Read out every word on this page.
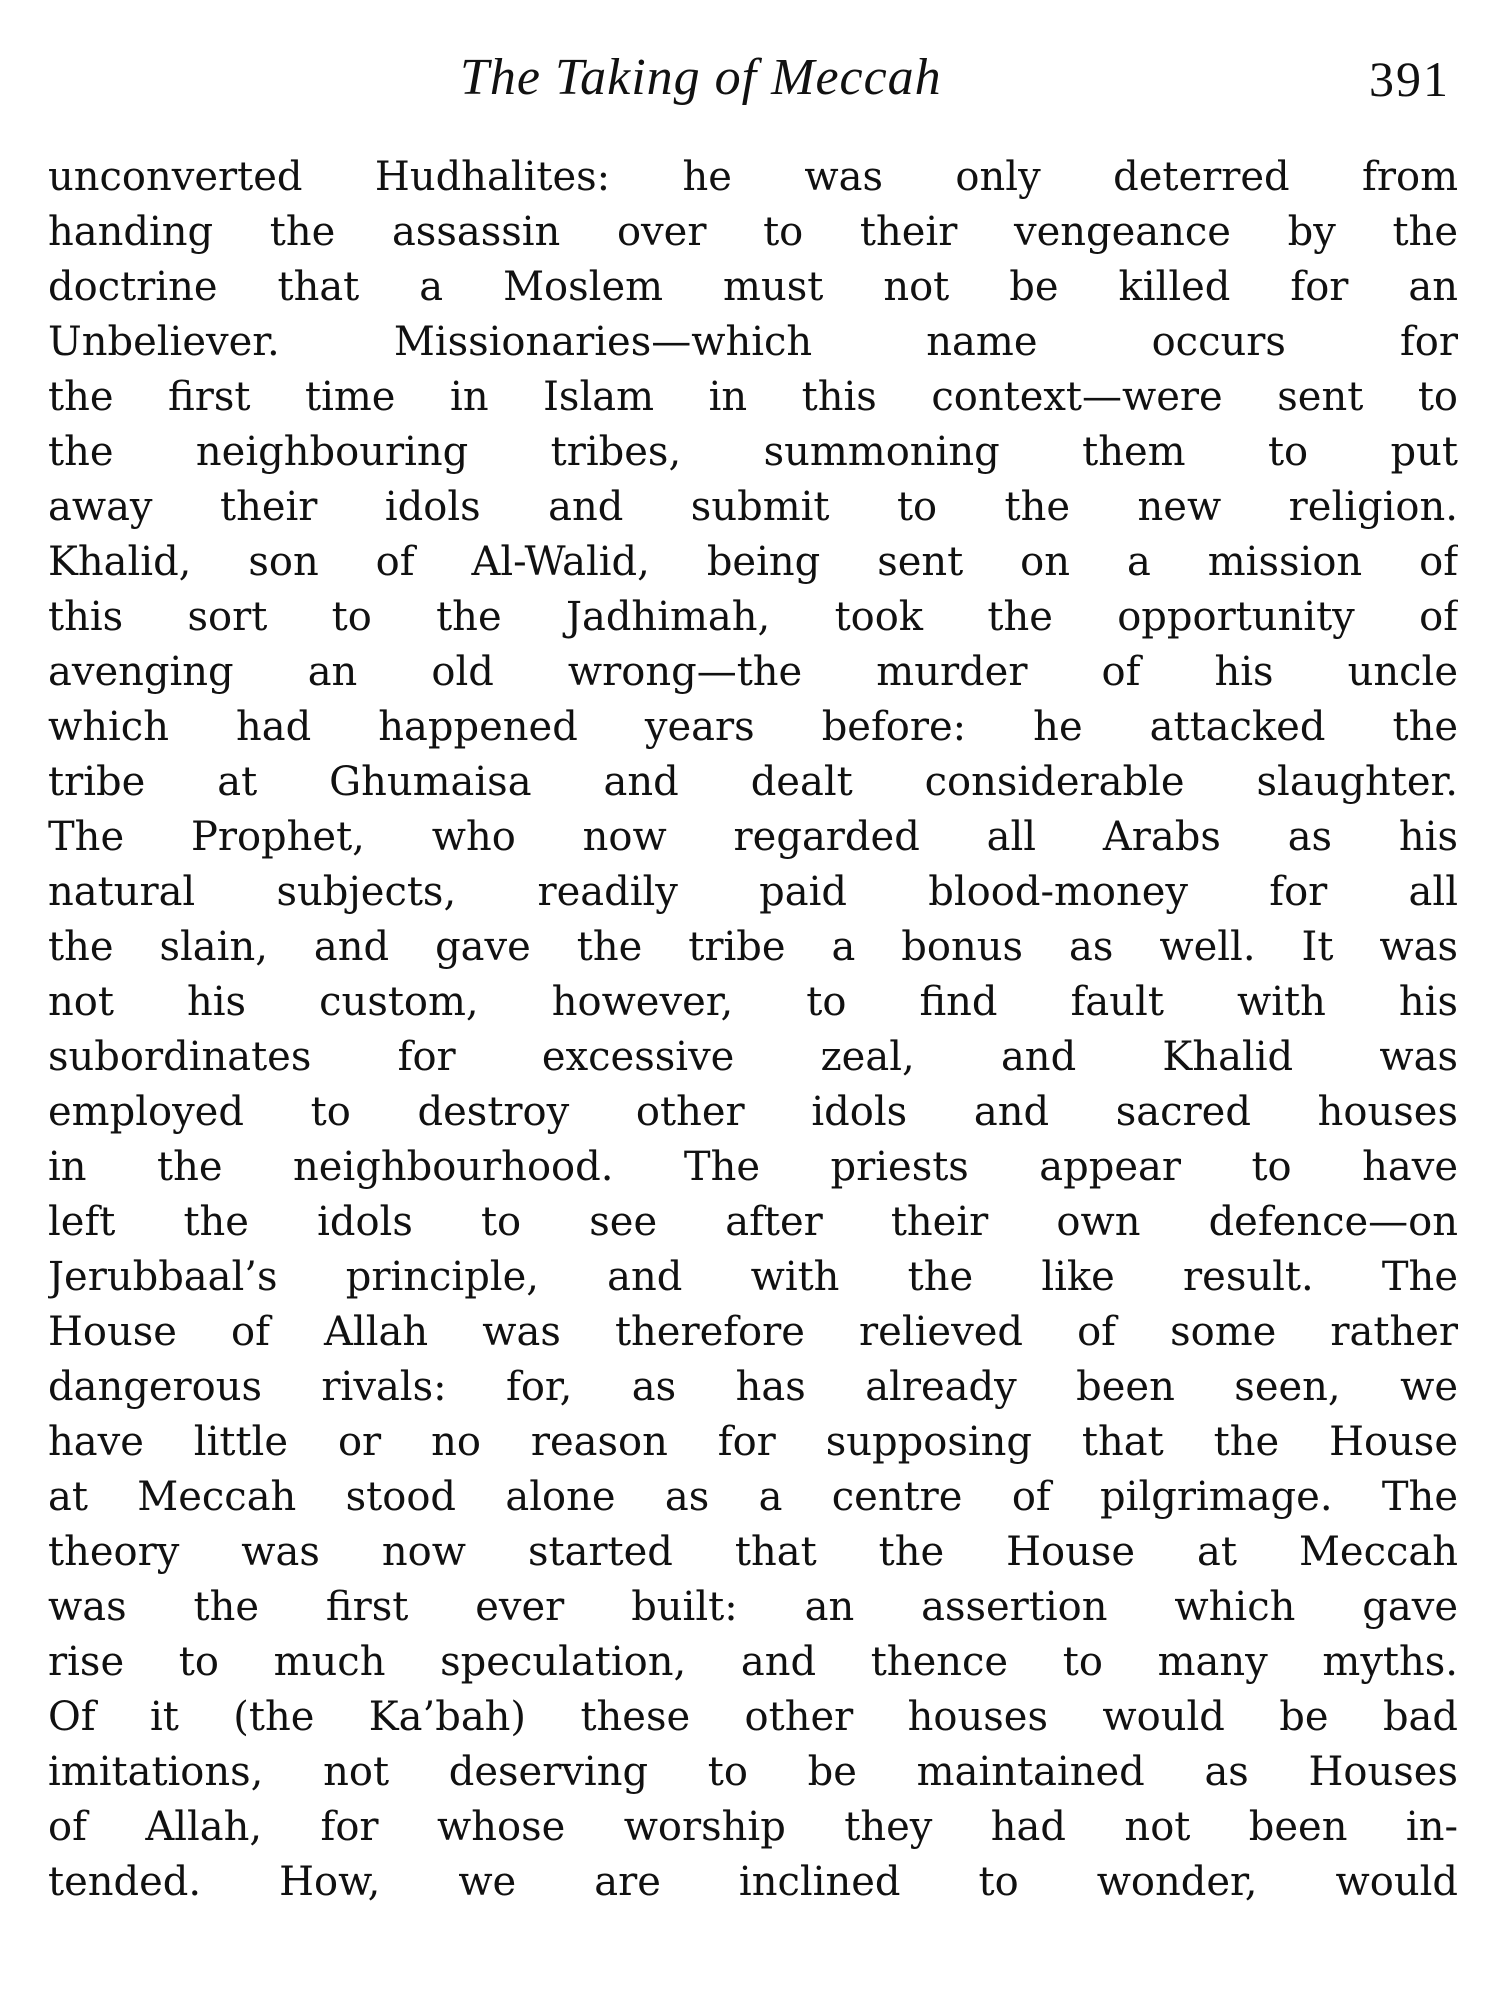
The Taking of Meccah	391
unconverted Hudhalites: he was only deterred from
handing the assassin over to their vengeance by the
doctrine that a Moslem must not be killed for an
Unbeliever. Missionaries—which name occurs for
the first time in Islam in this context—were sent to
the neighbouring tribes, summoning them to put
away their idols and submit to the new religion.
Khalid, son of Al-Walid, being sent on a mission of
this sort to the Jadhimah, took the opportunity of
avenging an old wrong—the murder of his uncle
which had happened years before: he attacked the
tribe at Ghumaisa and dealt considerable slaughter.
The Prophet, who now regarded all Arabs as his
natural subjects, readily paid blood-money for all
the slain, and gave the tribe a bonus as well. It was
not his custom, however, to find fault with his
subordinates for excessive zeal, and Khalid was
employed to destroy other idols and sacred houses
in the neighbourhood. The priests appear to have
left the idols to see after their own defence—on
Jerubbaal’s principle, and with the like result. The
House of Allah was therefore relieved of some rather
dangerous rivals: for, as has already been seen, we
have little or no reason for supposing that the House
at Meccah stood alone as a centre of pilgrimage. The
theory was now started that the House at Meccah
was the first ever built: an assertion which gave
rise to much speculation, and thence to many myths.
Of it (the Ka’bah) these other houses would be bad
imitations, not deserving to be maintained as Houses
of Allah, for whose worship they had not been in-
tended. How, we are inclined to wonder, would
